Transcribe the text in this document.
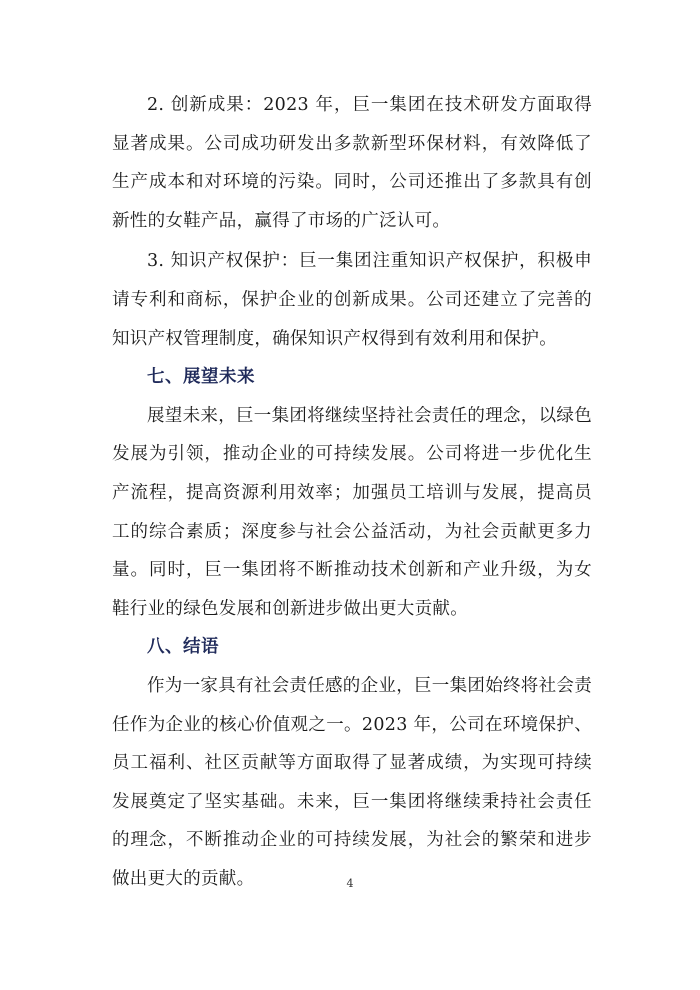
2. 创新成果：2023 年，巨一集团在技术研发方面取得显著成果。公司成功研发出多款新型环保材料，有效降低了生产成本和对环境的污染。同时，公司还推出了多款具有创新性的女鞋产品，赢得了市场的广泛认可。

3. 知识产权保护：巨一集团注重知识产权保护，积极申请专利和商标，保护企业的创新成果。公司还建立了完善的知识产权管理制度，确保知识产权得到有效利用和保护。

七、展望未来

展望未来，巨一集团将继续坚持社会责任的理念，以绿色发展为引领，推动企业的可持续发展。公司将进一步优化生产流程，提高资源利用效率；加强员工培训与发展，提高员工的综合素质；深度参与社会公益活动，为社会贡献更多力量。同时，巨一集团将不断推动技术创新和产业升级，为女鞋行业的绿色发展和创新进步做出更大贡献。

八、结语

作为一家具有社会责任感的企业，巨一集团始终将社会责任作为企业的核心价值观之一。2023 年，公司在环境保护、员工福利、社区贡献等方面取得了显著成绩，为实现可持续发展奠定了坚实基础。未来，巨一集团将继续秉持社会责任的理念，不断推动企业的可持续发展，为社会的繁荣和进步做出更大的贡献。	4
